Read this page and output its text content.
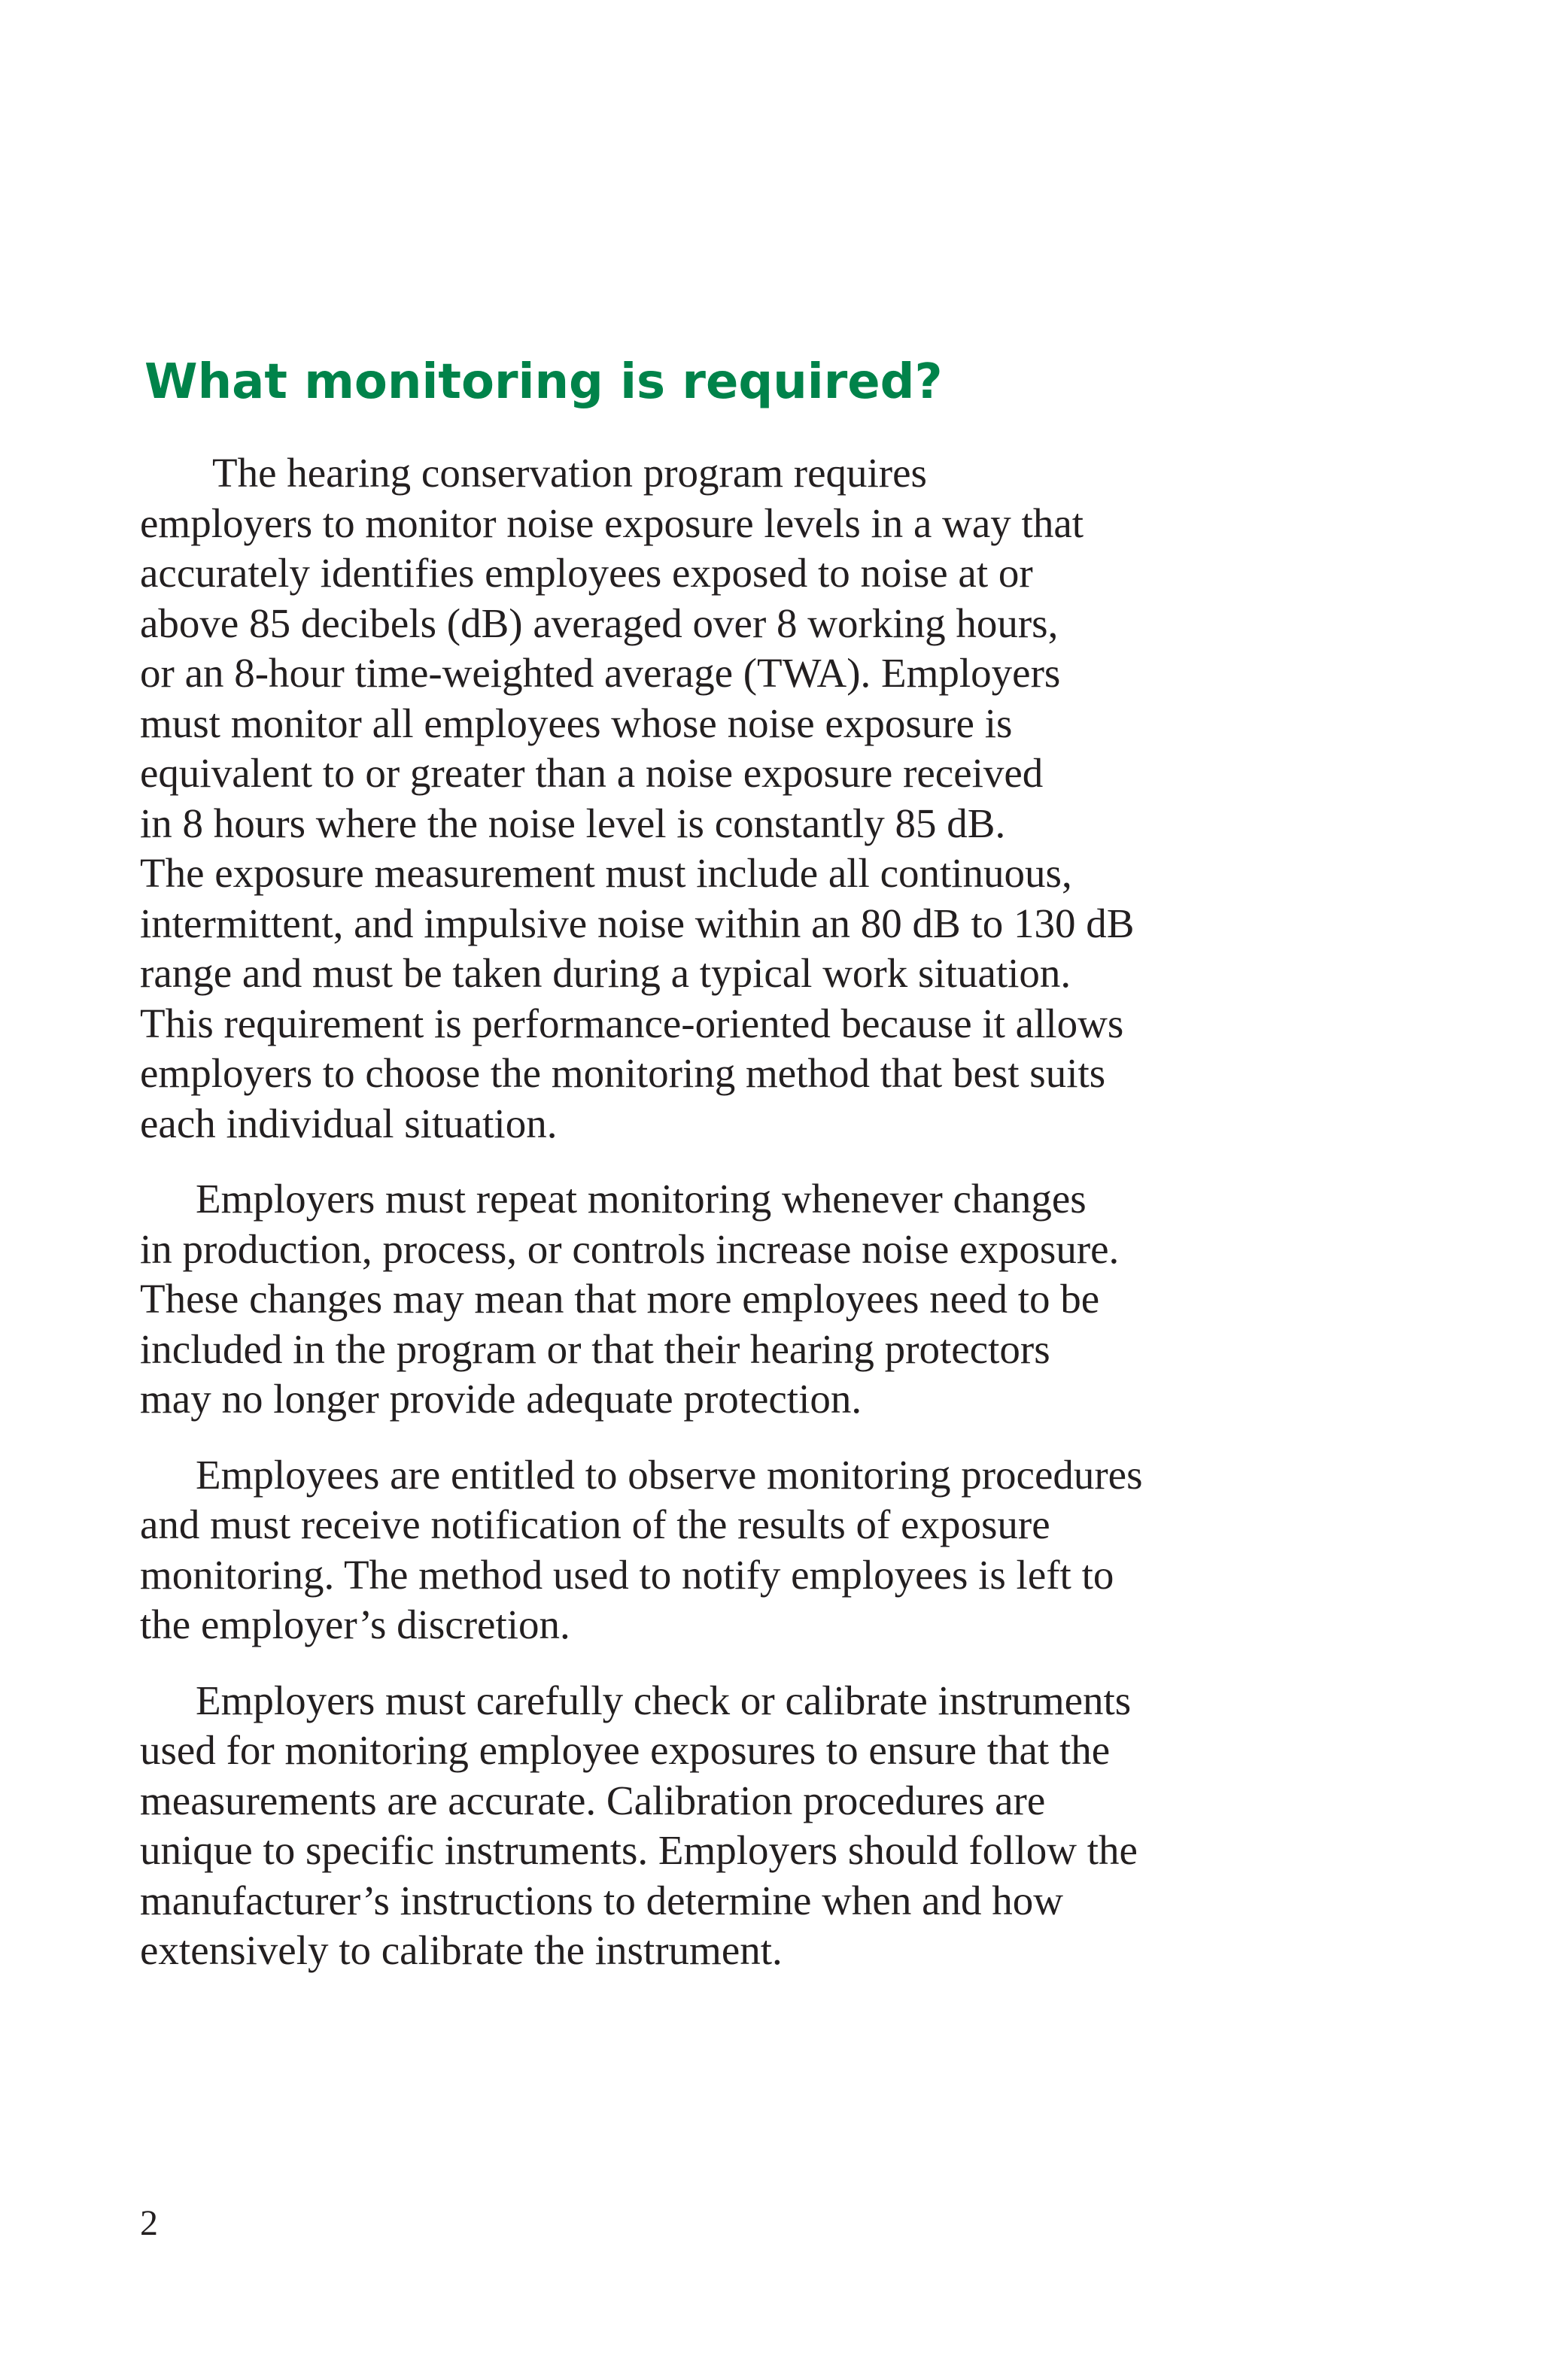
What monitoring is required?

The hearing conservation program requires
employers to monitor noise exposure levels in a way that
accurately identifies employees exposed to noise at or
above 85 decibels (dB) averaged over 8 working hours,
or an 8-hour time-weighted average (TWA). Employers
must monitor all employees whose noise exposure is
equivalent to or greater than a noise exposure received
in 8 hours where the noise level is constantly 85 dB.
The exposure measurement must include all continuous,
intermittent, and impulsive noise within an 80 dB to 130 dB
range and must be taken during a typical work situation.
This requirement is performance-oriented because it allows
employers to choose the monitoring method that best suits
each individual situation.

Employers must repeat monitoring whenever changes
in production, process, or controls increase noise exposure.
These changes may mean that more employees need to be
included in the program or that their hearing protectors
may no longer provide adequate protection.

Employees are entitled to observe monitoring procedures
and must receive notification of the results of exposure
monitoring. The method used to notify employees is left to
the employer’s discretion.

Employers must carefully check or calibrate instruments
used for monitoring employee exposures to ensure that the
measurements are accurate. Calibration procedures are
unique to specific instruments. Employers should follow the
manufacturer’s instructions to determine when and how
extensively to calibrate the instrument.

2
